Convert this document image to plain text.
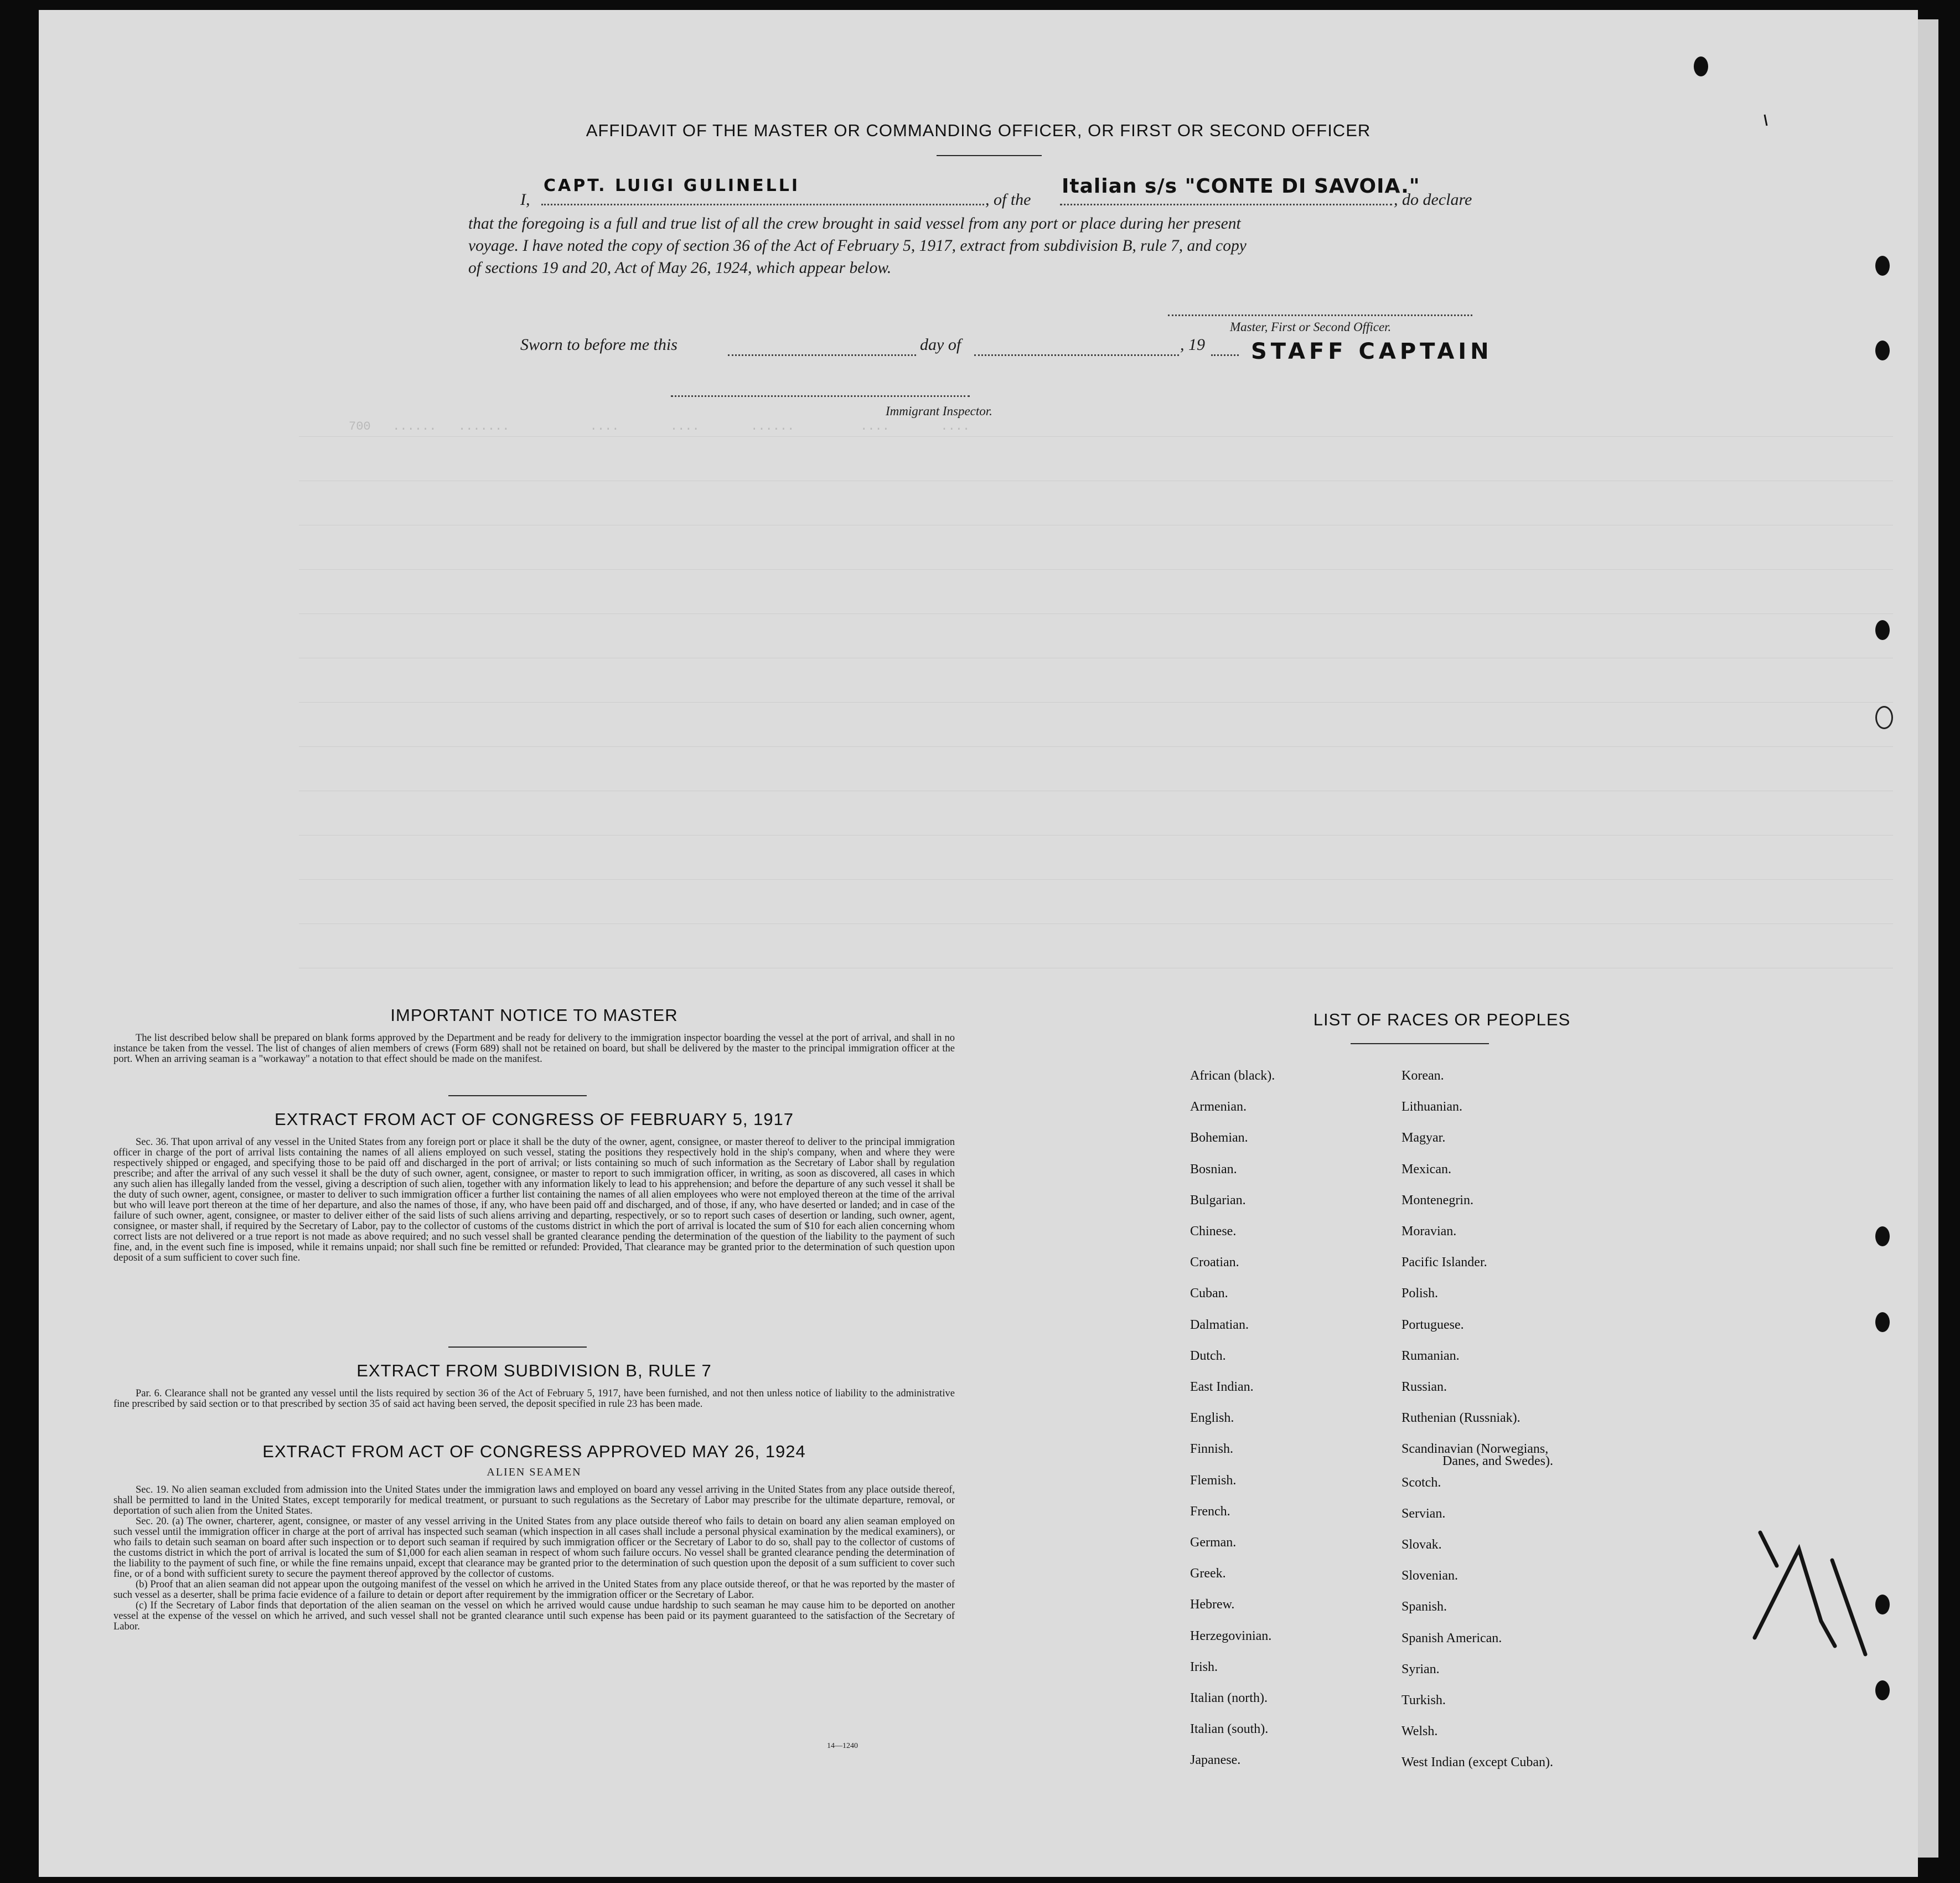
700   ......   .......           ....       ....       ......         ....       ....
AFFIDAVIT OF THE MASTER OR COMMANDING OFFICER, OR FIRST OR SECOND OFFICER
I,
CAPT. LUIGI GULINELLI
, of the
Italian s/s "CONTE DI SAVOIA."
, do declare
that the foregoing is a full and true list of all the crew brought in said vessel from any port or place during her present
voyage. I have noted the copy of section 36 of the Act of February 5, 1917, extract from subdivision B, rule 7, and copy
of sections 19 and 20, Act of May 26, 1924, which appear below.
Master, First or Second Officer.
STAFF CAPTAIN
Sworn to before me this	day of	, 19
Immigrant Inspector.
IMPORTANT NOTICE TO MASTER

The list described below shall be prepared on blank forms approved by the Department and be ready for delivery to the immigration inspector boarding the vessel at the port of arrival, and shall in no instance be taken from the vessel. The list of changes of alien members of crews (Form 689) shall not be retained on board, but shall be delivered by the master to the principal immigration officer at the port. When an arriving seaman is a "workaway" a notation to that effect should be made on the manifest.

EXTRACT FROM ACT OF CONGRESS OF FEBRUARY 5, 1917

Sec. 36. That upon arrival of any vessel in the United States from any foreign port or place it shall be the duty of the owner, agent, consignee, or master thereof to deliver to the principal immigration officer in charge of the port of arrival lists containing the names of all aliens employed on such vessel, stating the positions they respectively hold in the ship's company, when and where they were respectively shipped or engaged, and specifying those to be paid off and discharged in the port of arrival; or lists containing so much of such information as the Secretary of Labor shall by regulation prescribe; and after the arrival of any such vessel it shall be the duty of such owner, agent, consignee, or master to report to such immigration officer, in writing, as soon as discovered, all cases in which any such alien has illegally landed from the vessel, giving a description of such alien, together with any information likely to lead to his apprehension; and before the departure of any such vessel it shall be the duty of such owner, agent, consignee, or master to deliver to such immigration officer a further list containing the names of all alien employees who were not employed thereon at the time of the arrival but who will leave port thereon at the time of her departure, and also the names of those, if any, who have been paid off and discharged, and of those, if any, who have deserted or landed; and in case of the failure of such owner, agent, consignee, or master to deliver either of the said lists of such aliens arriving and departing, respectively, or so to report such cases of desertion or landing, such owner, agent, consignee, or master shall, if required by the Secretary of Labor, pay to the collector of customs of the customs district in which the port of arrival is located the sum of $10 for each alien concerning whom correct lists are not delivered or a true report is not made as above required; and no such vessel shall be granted clearance pending the determination of the question of the liability to the payment of such fine, and, in the event such fine is imposed, while it remains unpaid; nor shall such fine be remitted or refunded: Provided, That clearance may be granted prior to the determination of such question upon deposit of a sum sufficient to cover such fine.

EXTRACT FROM SUBDIVISION B, RULE 7

Par. 6. Clearance shall not be granted any vessel until the lists required by section 36 of the Act of February 5, 1917, have been furnished, and not then unless notice of liability to the administrative fine prescribed by said section or to that prescribed by section 35 of said act having been served, the deposit specified in rule 23 has been made.

EXTRACT FROM ACT OF CONGRESS APPROVED MAY 26, 1924
ALIEN SEAMEN

Sec. 19. No alien seaman excluded from admission into the United States under the immigration laws and employed on board any vessel arriving in the United States from any place outside thereof, shall be permitted to land in the United States, except temporarily for medical treatment, or pursuant to such regulations as the Secretary of Labor may prescribe for the ultimate departure, removal, or deportation of such alien from the United States.

Sec. 20. (a) The owner, charterer, agent, consignee, or master of any vessel arriving in the United States from any place outside thereof who fails to detain on board any alien seaman employed on such vessel until the immigration officer in charge at the port of arrival has inspected such seaman (which inspection in all cases shall include a personal physical examination by the medical examiners), or who fails to detain such seaman on board after such inspection or to deport such seaman if required by such immigration officer or the Secretary of Labor to do so, shall pay to the collector of customs of the customs district in which the port of arrival is located the sum of $1,000 for each alien seaman in respect of whom such failure occurs. No vessel shall be granted clearance pending the determination of the liability to the payment of such fine, or while the fine remains unpaid, except that clearance may be granted prior to the determination of such question upon the deposit of a sum sufficient to cover such fine, or of a bond with sufficient surety to secure the payment thereof approved by the collector of customs.

(b) Proof that an alien seaman did not appear upon the outgoing manifest of the vessel on which he arrived in the United States from any place outside thereof, or that he was reported by the master of such vessel as a deserter, shall be prima facie evidence of a failure to detain or deport after requirement by the immigration officer or the Secretary of Labor.

(c) If the Secretary of Labor finds that deportation of the alien seaman on the vessel on which he arrived would cause undue hardship to such seaman he may cause him to be deported on another vessel at the expense of the vessel on which he arrived, and such vessel shall not be granted clearance until such expense has been paid or its payment guaranteed to the satisfaction of the Secretary of Labor.

14—1240
LIST OF RACES OR PEOPLES
African (black).
Armenian.
Bohemian.
Bosnian.
Bulgarian.
Chinese.
Croatian.
Cuban.
Dalmatian.
Dutch.
East Indian.
English.
Finnish.
Flemish.
French.
German.
Greek.
Hebrew.
Herzegovinian.
Irish.
Italian (north).
Italian (south).
Japanese.
Korean.
Lithuanian.
Magyar.
Mexican.
Montenegrin.
Moravian.
Pacific Islander.
Polish.
Portuguese.
Rumanian.
Russian.
Ruthenian (Russniak).
Scandinavian (Norwegians,
Scotch.
Servian.
Slovak.
Slovenian.
Spanish.
Spanish American.
Syrian.
Turkish.
Welsh.
West Indian (except Cuban).
Danes, and Swedes).
